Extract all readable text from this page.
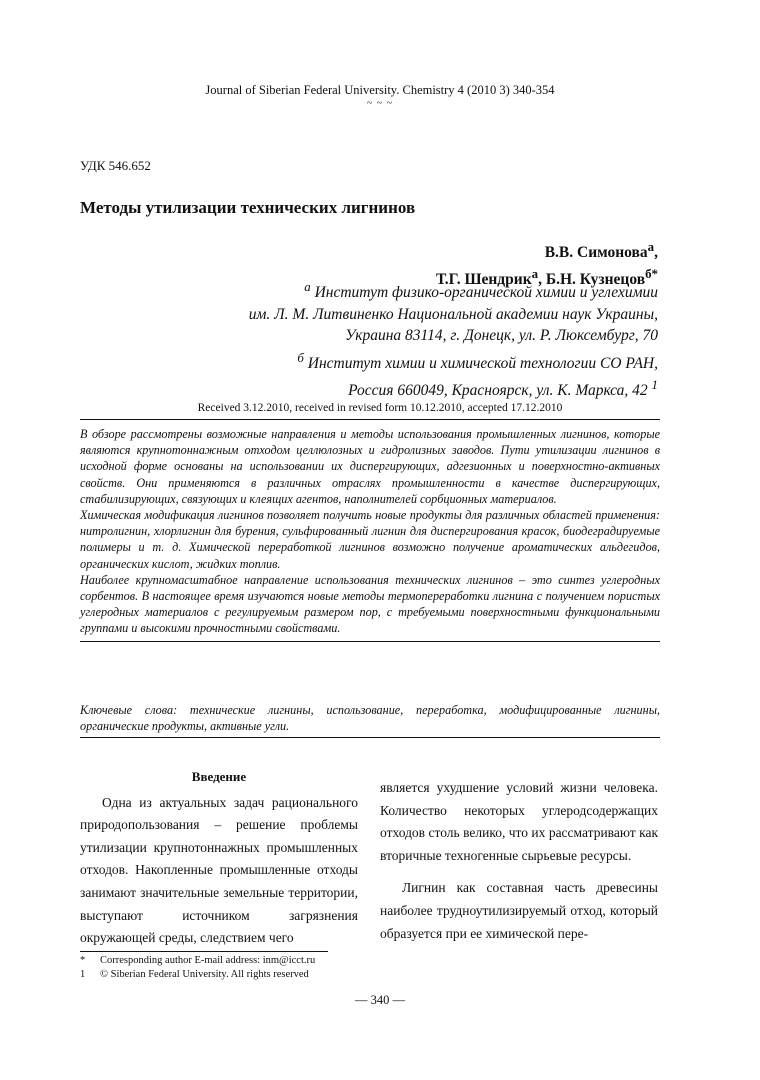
Journal of Siberian Federal University. Chemistry 4 (2010 3) 340-354
~ ~ ~
УДК 546.652
Методы утилизации технических лигнинов
В.В. Симонова$^а$,
Т.Г. Шендрик$^а$, Б.Н. Кузнецов$^{б*}$
$^а$ Институт физико-органической химии и углехимии
им. Л. М. Литвиненко Национальной академии наук Украины,
Украина 83114, г. Донецк, ул. Р. Люксембург, 70
$^б$ Институт химии и химической технологии СО РАН,
Россия 660049, Красноярск, ул. К. Маркса, 42 $^1$
Received 3.12.2010, received in revised form 10.12.2010, accepted 17.12.2010

В обзоре рассмотрены возможные направления и методы использования промышленных лигнинов, которые являются крупнотоннажным отходом целлюлозных и гидролизных заводов. Пути утилизации лигнинов в исходной форме основаны на использовании их диспергирующих, адгезионных и поверхностно-активных свойств. Они применяются в различных отраслях промышленности в качестве диспергирующих, стабилизирующих, связующих и клеящих агентов, наполнителей сорбционных материалов.

Химическая модификация лигнинов позволяет получить новые продукты для различных областей применения: нитролигнин, хлорлигнин для бурения, сульфированный лигнин для диспергирования красок, биодеградируемые полимеры и т. д. Химической переработкой лигнинов возможно получение ароматических альдегидов, органических кислот, жидких топлив.

Наиболее крупномасштабное направление использования технических лигнинов – это синтез углеродных сорбентов. В настоящее время изучаются новые методы термопереработки лигнина с получением пористых углеродных материалов с регулируемым размером пор, с требуемыми поверхностными функциональными группами и высокими прочностными свойствами.

Ключевые слова: технические лигнины, использование, переработка, модифицированные лигнины, органические продукты, активные угли.

Введение

Одна из актуальных задач рационального природопользования – решение проблемы утилизации крупнотоннажных промышленных отходов. Накопленные промышленные отходы занимают значительные земельные территории, выступают источником загрязнения окружающей среды, следствием чего

является ухудшение условий жизни человека. Количество некоторых углеродсодержащих отходов столь велико, что их рассматривают как вторичные техногенные сырьевые ресурсы.

Лигнин как составная часть древесины наиболее трудноутилизируемый отход, который образуется при ее химической пере-

* Corresponding author E-mail address: inm@icct.ru
1 © Siberian Federal University. All rights reserved
— 340 —
